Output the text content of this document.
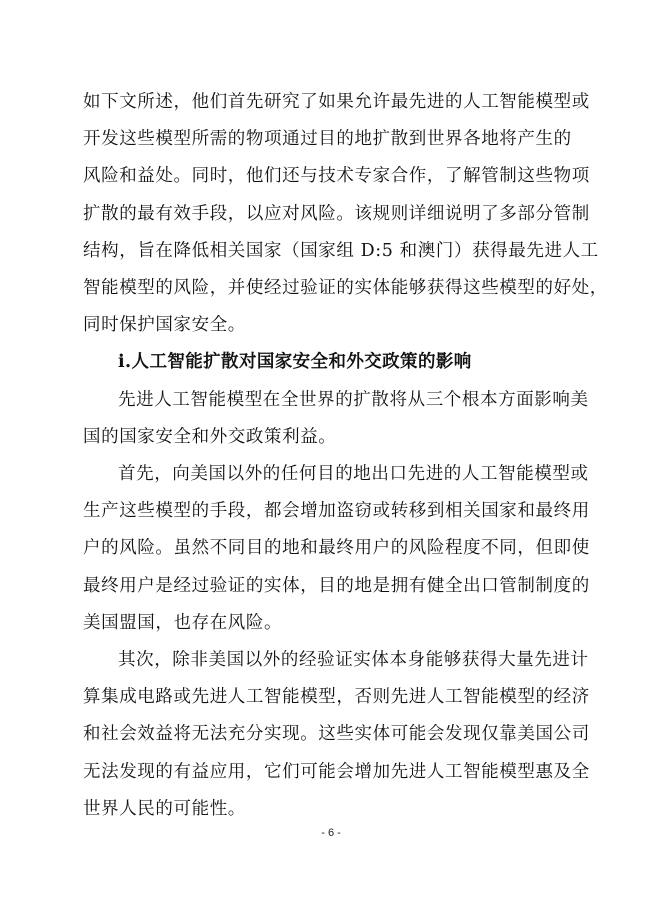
如下文所述，他们首先研究了如果允许最先进的人工智能模型或
开发这些模型所需的物项通过目的地扩散到世界各地将产生的
风险和益处。同时，他们还与技术专家合作，了解管制这些物项
扩散的最有效手段，以应对风险。该规则详细说明了多部分管制
结构，旨在降低相关国家（国家组 D:5 和澳门）获得最先进人工
智能模型的风险，并使经过验证的实体能够获得这些模型的好处，
同时保护国家安全。
i.人工智能扩散对国家安全和外交政策的影响
先进人工智能模型在全世界的扩散将从三个根本方面影响美
国的国家安全和外交政策利益。
首先，向美国以外的任何目的地出口先进的人工智能模型或
生产这些模型的手段，都会增加盗窃或转移到相关国家和最终用
户的风险。虽然不同目的地和最终用户的风险程度不同，但即使
最终用户是经过验证的实体，目的地是拥有健全出口管制制度的
美国盟国，也存在风险。
其次，除非美国以外的经验证实体本身能够获得大量先进计
算集成电路或先进人工智能模型，否则先进人工智能模型的经济
和社会效益将无法充分实现。这些实体可能会发现仅靠美国公司
无法发现的有益应用，它们可能会增加先进人工智能模型惠及全
世界人民的可能性。
- 6 -
